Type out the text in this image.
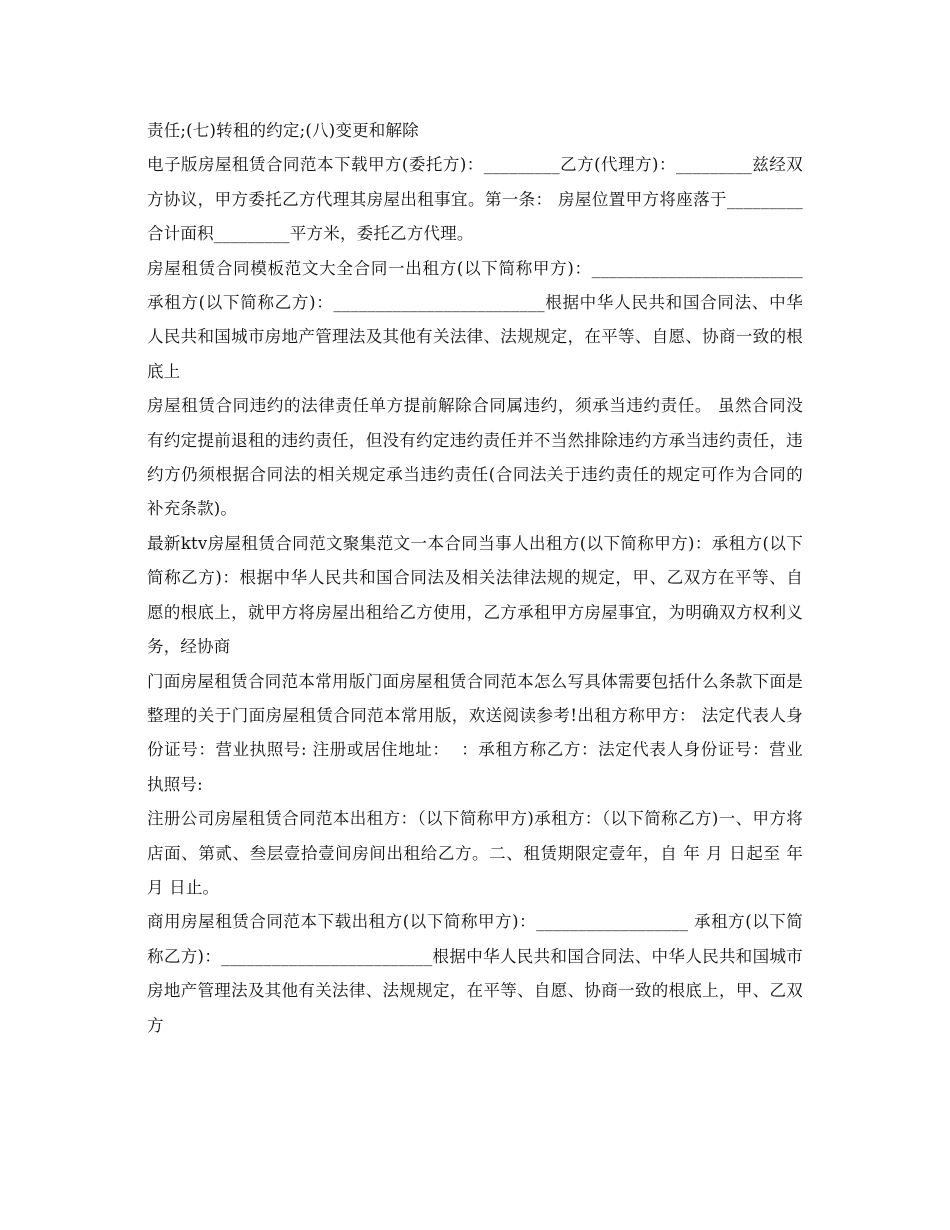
责任;(七)转租的约定;(八)变更和解除

电子版房屋租赁合同范本下载甲方(委托方)：_________乙方(代理方)：_________兹经双方协议，甲方委托乙方代理其房屋出租事宜。第一条： 房屋位置甲方将座落于_________合计面积_________平方米，委托乙方代理。

房屋租赁合同模板范文大全合同一出租方(以下简称甲方)：_________________________承租方(以下简称乙方)：_________________________根据中华人民共和国合同法、中华人民共和国城市房地产管理法及其他有关法律、法规规定，在平等、自愿、协商一致的根底上

房屋租赁合同违约的法律责任单方提前解除合同属违约，须承当违约责任。 虽然合同没有约定提前退租的违约责任，但没有约定违约责任并不当然排除违约方承当违约责任，违约方仍须根据合同法的相关规定承当违约责任(合同法关于违约责任的规定可作为合同的补充条款)。

最新ktv房屋租赁合同范文聚集范文一本合同当事人出租方(以下简称甲方)：承租方(以下简称乙方)：根据中华人民共和国合同法及相关法律法规的规定，甲、乙双方在平等、自愿的根底上，就甲方将房屋出租给乙方使用，乙方承租甲方房屋事宜，为明确双方权利义务，经协商

门面房屋租赁合同范本常用版门面房屋租赁合同范本怎么写具体需要包括什么条款下面是整理的关于门面房屋租赁合同范本常用版，欢送阅读参考!出租方称甲方： 法定代表人身份证号：营业执照号: 注册或居住地址：  ：承租方称乙方：法定代表人身份证号：营业执照号:

注册公司房屋租赁合同范本出租方：（以下简称甲方)承租方：（以下简称乙方)一、甲方将 店面、第贰、叁层壹拾壹间房间出租给乙方。二、租赁期限定壹年，自 年 月 日起至 年 月 日止。

商用房屋租赁合同范本下载出租方(以下简称甲方)：__________________ 承租方(以下简称乙方)：_________________________根据中华人民共和国合同法、中华人民共和国城市房地产管理法及其他有关法律、法规规定，在平等、自愿、协商一致的根底上，甲、乙双方
